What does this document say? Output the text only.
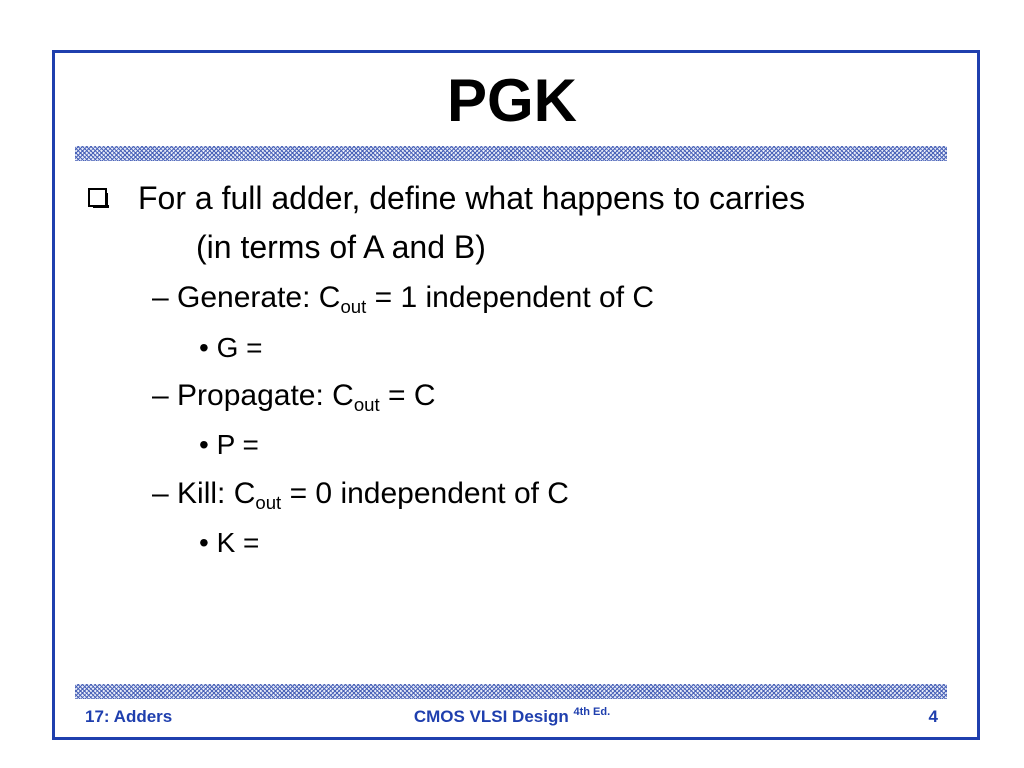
PGK
For a full adder, define what happens to carries
(in terms of A and B)
– Generate: $C_{out} = 1$ independent of C
• G =
– Propagate: $C_{out} = C$
• P =
– Kill: $C_{out} = 0$ independent of C
• K =
17: Adders	CMOS VLSI Design $^{4th Ed.}$	4
